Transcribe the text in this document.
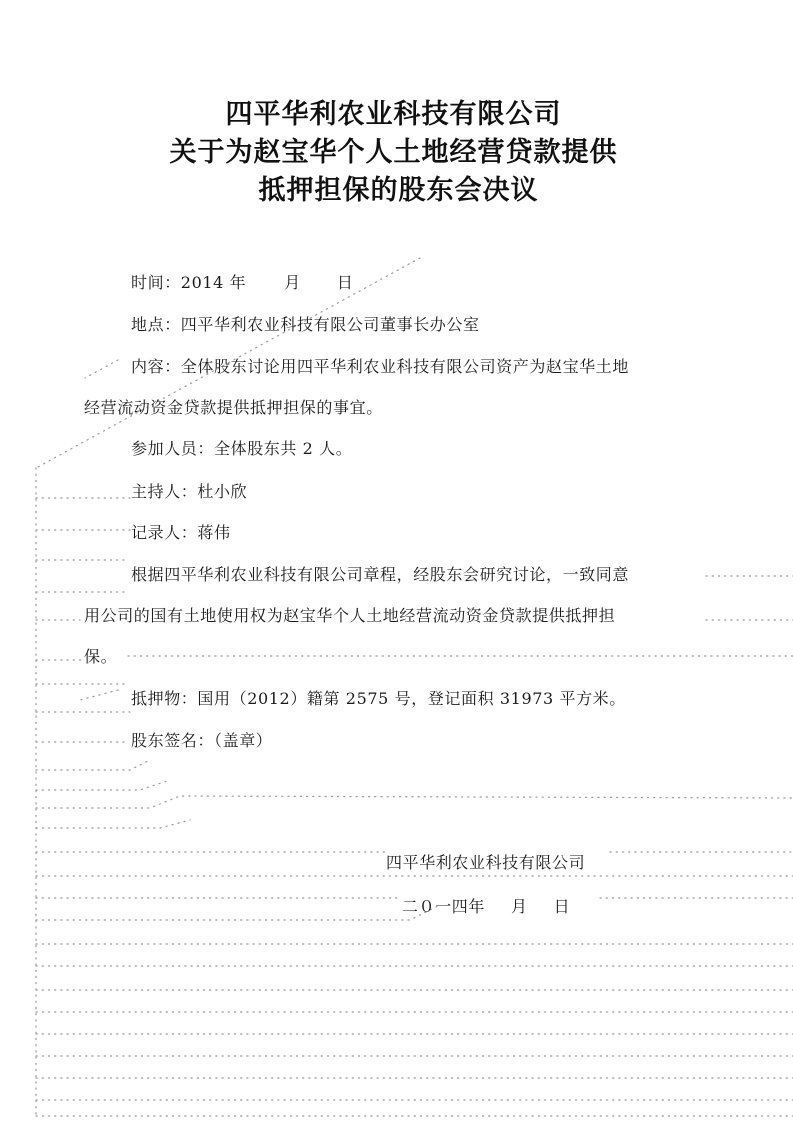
四平华利农业科技有限公司
关于为赵宝华个人土地经营贷款提供
抵押担保的股东会决议
时间：2014 年 月 日
地点：四平华利农业科技有限公司董事长办公室
内容：全体股东讨论用四平华利农业科技有限公司资产为赵宝华土地
经营流动资金贷款提供抵押担保的事宜。
参加人员：全体股东共 2 人。
主持人：杜小欣
记录人：蒋伟
根据四平华利农业科技有限公司章程，经股东会研究讨论，一致同意
用公司的国有土地使用权为赵宝华个人土地经营流动资金贷款提供抵押担
保。
抵押物：国用（2012）籍第 2575 号，登记面积 31973 平方米。
股东签名：（盖章）
四平华利农业科技有限公司
二０一四年 月 日
